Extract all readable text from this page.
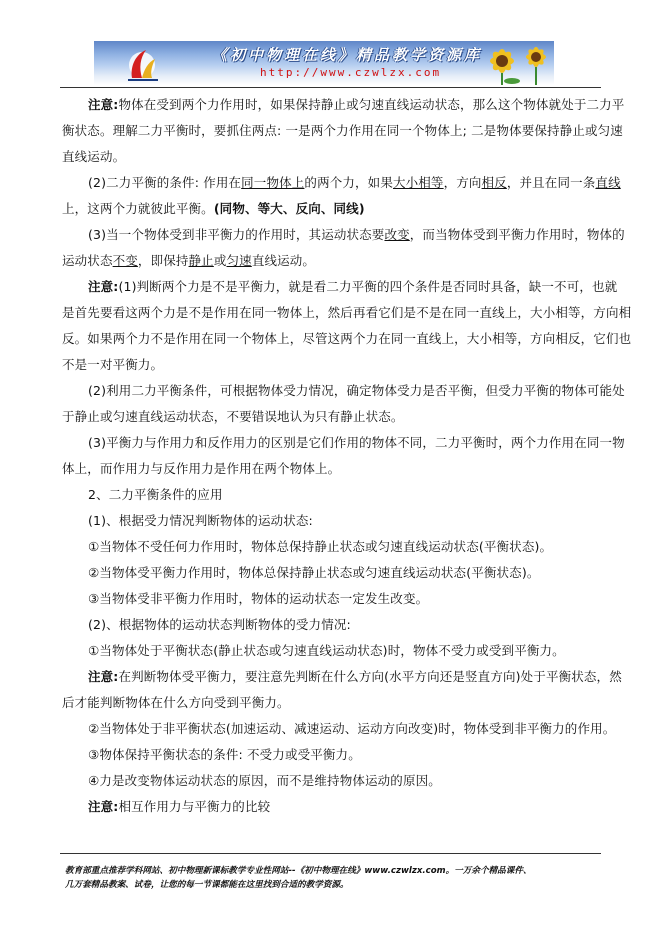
《初中物理在线》精品教学资源库
http://www.czwlzx.com
注意:物体在受到两个力作用时，如果保持静止或匀速直线运动状态，那么这个物体就处于二力平
衡状态。理解二力平衡时，要抓住两点: 一是两个力作用在同一个物体上; 二是物体要保持静止或匀速
直线运动。
(2)二力平衡的条件: 作用在同一物体上的两个力，如果大小相等，方向相反，并且在同一条直线
上，这两个力就彼此平衡。(同物、等大、反向、同线)
(3)当一个物体受到非平衡力的作用时，其运动状态要改变，而当物体受到平衡力作用时，物体的
运动状态不变，即保持静止或匀速直线运动。
注意:(1)判断两个力是不是平衡力，就是看二力平衡的四个条件是否同时具备，缺一不可，也就
是首先要看这两个力是不是作用在同一物体上，然后再看它们是不是在同一直线上，大小相等，方向相
反。如果两个力不是作用在同一个物体上，尽管这两个力在同一直线上，大小相等，方向相反，它们也
不是一对平衡力。
(2)利用二力平衡条件，可根据物体受力情况，确定物体受力是否平衡，但受力平衡的物体可能处
于静止或匀速直线运动状态，不要错误地认为只有静止状态。
(3)平衡力与作用力和反作用力的区别是它们作用的物体不同，二力平衡时，两个力作用在同一物
体上，而作用力与反作用力是作用在两个物体上。
2、二力平衡条件的应用
(1)、根据受力情况判断物体的运动状态:
①当物体不受任何力作用时，物体总保持静止状态或匀速直线运动状态(平衡状态)。
②当物体受平衡力作用时，物体总保持静止状态或匀速直线运动状态(平衡状态)。
③当物体受非平衡力作用时，物体的运动状态一定发生改变。
(2)、根据物体的运动状态判断物体的受力情况:
①当物体处于平衡状态(静止状态或匀速直线运动状态)时，物体不受力或受到平衡力。
注意:在判断物体受平衡力，要注意先判断在什么方向(水平方向还是竖直方向)处于平衡状态，然
后才能判断物体在什么方向受到平衡力。
②当物体处于非平衡状态(加速运动、减速运动、运动方向改变)时，物体受到非平衡力的作用。
③物体保持平衡状态的条件: 不受力或受平衡力。
④力是改变物体运动状态的原因，而不是维持物体运动的原因。
注意:相互作用力与平衡力的比较
教育部重点推荐学科网站、初中物理新课标教学专业性网站--《初中物理在线》www.czwlzx.com。一万余个精品课件、
几万套精品教案、试卷，让您的每一节课都能在这里找到合适的教学资源。
